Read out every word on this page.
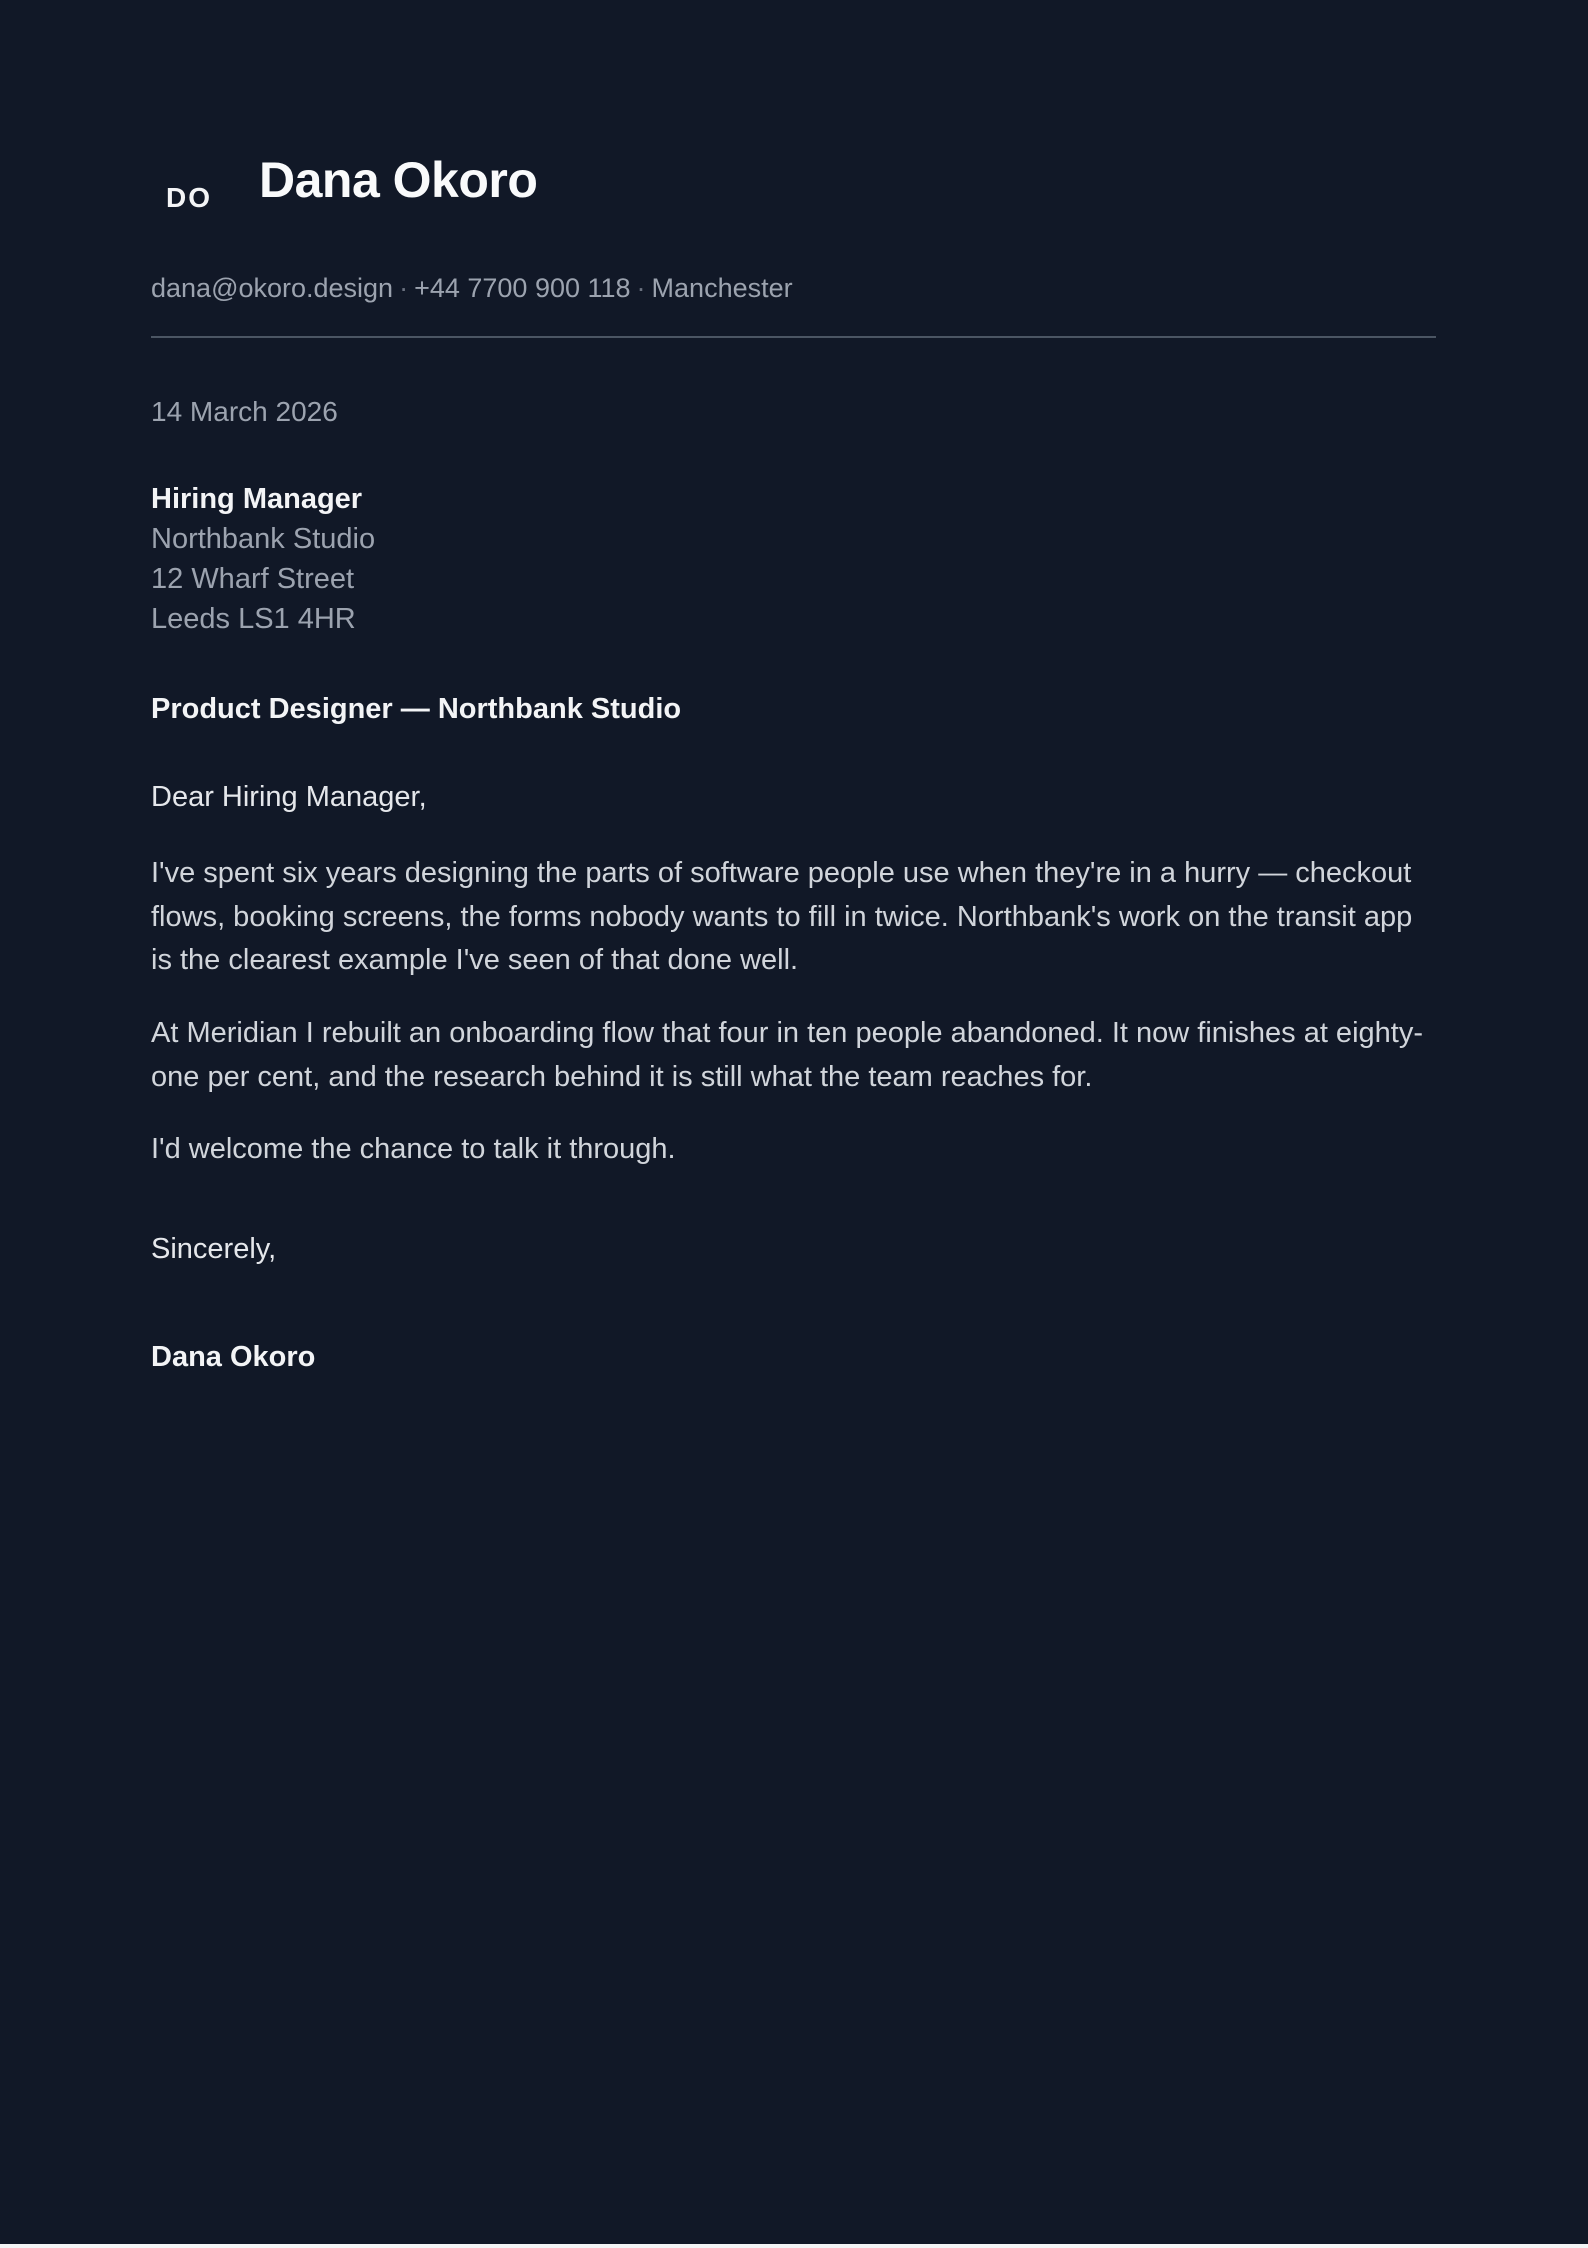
DO Dana Okoro
dana@okoro.design · +44 7700 900 118 · Manchester
14 March 2026
Hiring Manager
Northbank Studio
12 Wharf Street
Leeds LS1 4HR
Product Designer — Northbank Studio
Dear Hiring Manager,

I've spent six years designing the parts of software people use when they're in a hurry — checkout flows, booking screens, the forms nobody wants to fill in twice. Northbank's work on the transit app is the clearest example I've seen of that done well.

At Meridian I rebuilt an onboarding flow that four in ten people abandoned. It now finishes at eighty-one per cent, and the research behind it is still what the team reaches for.

I'd welcome the chance to talk it through.

Sincerely,
Dana Okoro
